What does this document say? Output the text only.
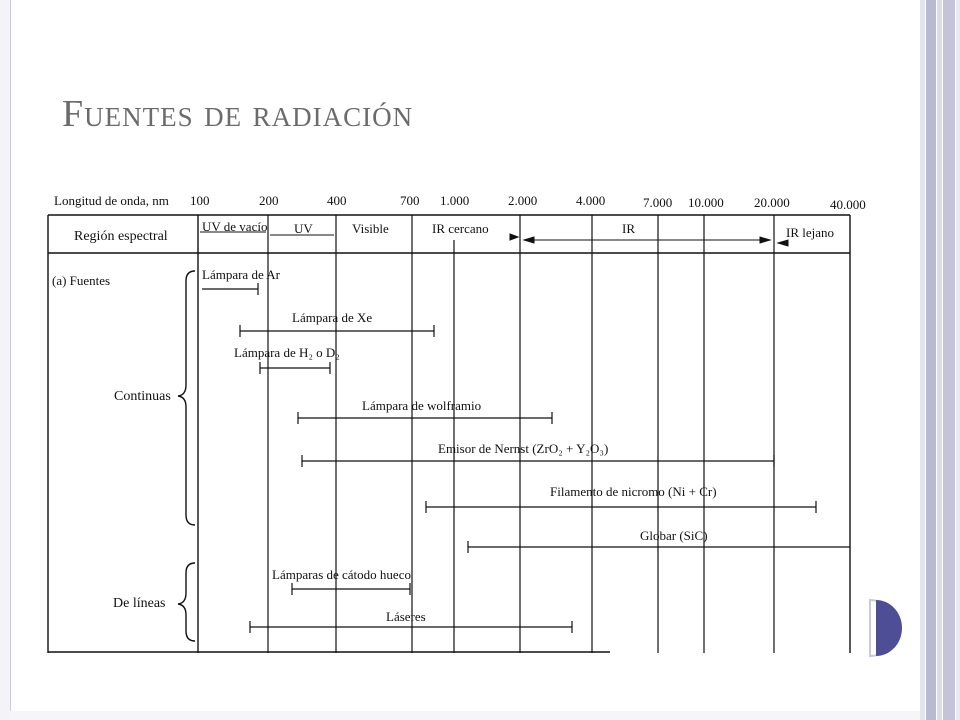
Fuentes de radiación
Longitud de onda, nm
Región espectral
(a) Fuentes
100	200	400	700 1.000	2.000	4.000	7.000 10.000 20.000	40.000
UV de vacío UV	Visible	IR cercano	IR	IR lejano
Continuas
De líneas
Lámpara de Ar
Lámpara de Xe
Lámpara de H₂ o D₂
Lámpara de wolframio
Emisor de Nernst (ZrO₂ + Y₂O₃)
Filamento de nicromo (Ni + Cr)
Globar (SiC)
Lámparas de cátodo hueco
Láseres
